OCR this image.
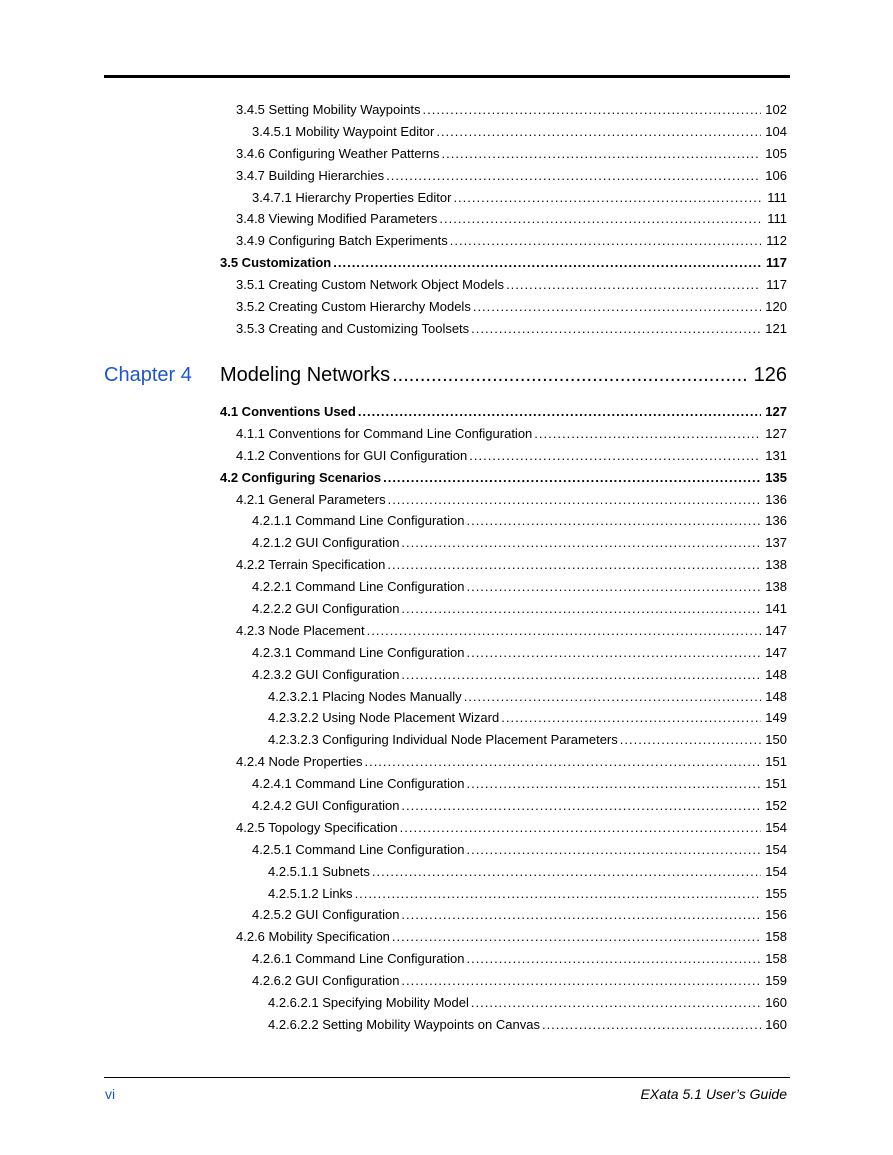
3.4.5 Setting Mobility Waypoints .....	102
3.4.5.1 Mobility Waypoint Editor .....	104
3.4.6 Configuring Weather Patterns .....	105
3.4.7 Building Hierarchies .....	106
3.4.7.1 Hierarchy Properties Editor .....	111
3.4.8 Viewing Modified Parameters .....	111
3.4.9 Configuring Batch Experiments .....	112
3.5 Customization .....	117
3.5.1 Creating Custom Network Object Models .....	117
3.5.2 Creating Custom Hierarchy Models .....	120
3.5.3 Creating and Customizing Toolsets .....	121
Chapter 4	Modeling Networks .....	126
4.1 Conventions Used .....	127
4.1.1 Conventions for Command Line Configuration .....	127
4.1.2 Conventions for GUI Configuration .....	131
4.2 Configuring Scenarios .....	135
4.2.1 General Parameters .....	136
4.2.1.1 Command Line Configuration .....	136
4.2.1.2 GUI Configuration .....	137
4.2.2 Terrain Specification .....	138
4.2.2.1 Command Line Configuration .....	138
4.2.2.2 GUI Configuration .....	141
4.2.3 Node Placement .....	147
4.2.3.1 Command Line Configuration .....	147
4.2.3.2 GUI Configuration .....	148
4.2.3.2.1 Placing Nodes Manually .....	148
4.2.3.2.2 Using Node Placement Wizard .....	149
4.2.3.2.3 Configuring Individual Node Placement Parameters .....	150
4.2.4 Node Properties .....	151
4.2.4.1 Command Line Configuration .....	151
4.2.4.2 GUI Configuration .....	152
4.2.5 Topology Specification .....	154
4.2.5.1 Command Line Configuration .....	154
4.2.5.1.1 Subnets .....	154
4.2.5.1.2 Links .....	155
4.2.5.2 GUI Configuration .....	156
4.2.6 Mobility Specification .....	158
4.2.6.1 Command Line Configuration .....	158
4.2.6.2 GUI Configuration .....	159
4.2.6.2.1 Specifying Mobility Model .....	160
4.2.6.2.2 Setting Mobility Waypoints on Canvas .....	160
vi	EXata 5.1 User’s Guide
